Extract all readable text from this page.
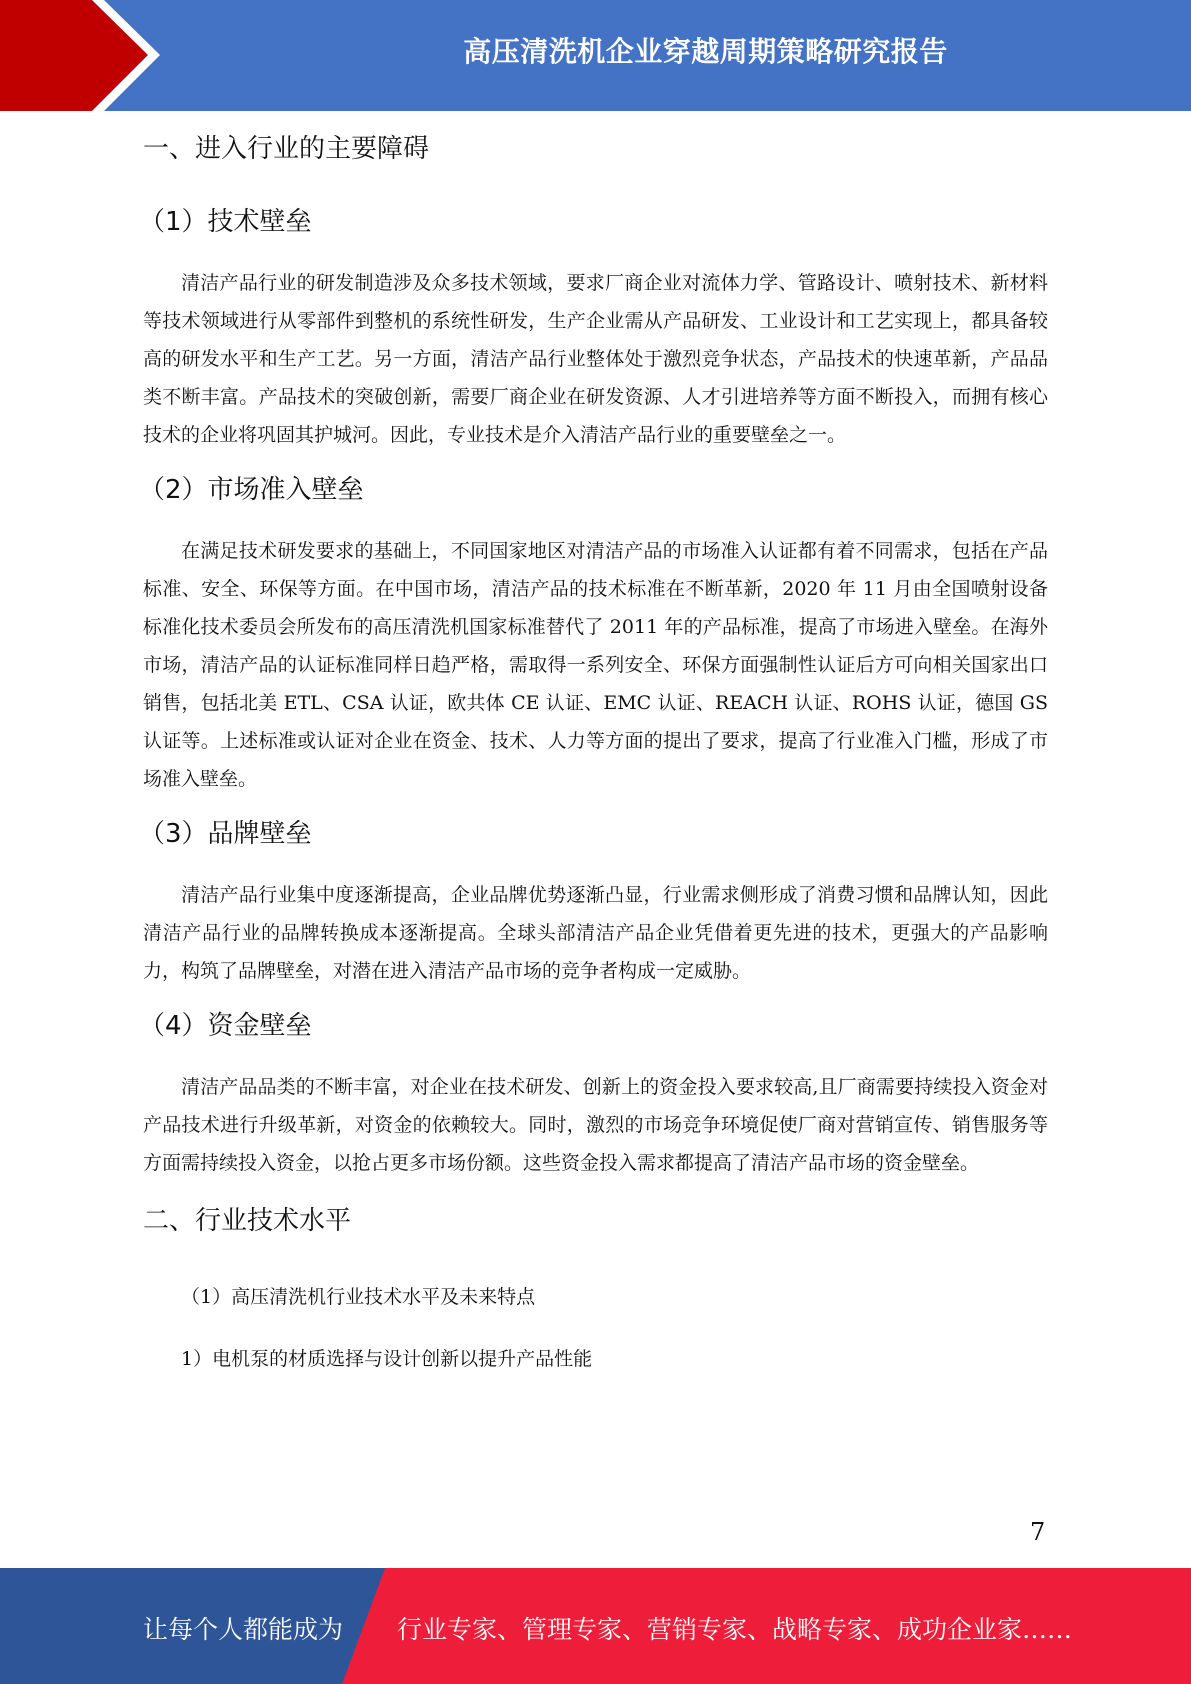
高压清洗机企业穿越周期策略研究报告
一、进入行业的主要障碍
（1）技术壁垒

清洁产品行业的研发制造涉及众多技术领域，要求厂商企业对流体力学、管路设计、喷射技术、新材料等技术领域进行从零部件到整机的系统性研发，生产企业需从产品研发、工业设计和工艺实现上，都具备较高的研发水平和生产工艺。另一方面，清洁产品行业整体处于激烈竞争状态，产品技术的快速革新，产品品类不断丰富。产品技术的突破创新，需要厂商企业在研发资源、人才引进培养等方面不断投入，而拥有核心技术的企业将巩固其护城河。因此，专业技术是介入清洁产品行业的重要壁垒之一。

（2）市场准入壁垒

在满足技术研发要求的基础上，不同国家地区对清洁产品的市场准入认证都有着不同需求，包括在产品标准、安全、环保等方面。在中国市场，清洁产品的技术标准在不断革新，2020 年 11 月由全国喷射设备标准化技术委员会所发布的高压清洗机国家标准替代了 2011 年的产品标准，提高了市场进入壁垒。在海外市场，清洁产品的认证标准同样日趋严格，需取得一系列安全、环保方面强制性认证后方可向相关国家出口销售，包括北美 ETL、CSA 认证，欧共体 CE 认证、EMC 认证、REACH 认证、ROHS 认证，德国 GS 认证等。上述标准或认证对企业在资金、技术、人力等方面的提出了要求，提高了行业准入门槛，形成了市场准入壁垒。

（3）品牌壁垒

清洁产品行业集中度逐渐提高，企业品牌优势逐渐凸显，行业需求侧形成了消费习惯和品牌认知，因此清洁产品行业的品牌转换成本逐渐提高。全球头部清洁产品企业凭借着更先进的技术，更强大的产品影响力，构筑了品牌壁垒，对潜在进入清洁产品市场的竞争者构成一定威胁。

（4）资金壁垒

清洁产品品类的不断丰富，对企业在技术研发、创新上的资金投入要求较高,且厂商需要持续投入资金对产品技术进行升级革新，对资金的依赖较大。同时，激烈的市场竞争环境促使厂商对营销宣传、销售服务等方面需持续投入资金，以抢占更多市场份额。这些资金投入需求都提高了清洁产品市场的资金壁垒。

二、行业技术水平

（1）高压清洗机行业技术水平及未来特点

1）电机泵的材质选择与设计创新以提升产品性能

7
让每个人都能成为 行业专家、管理专家、营销专家、战略专家、成功企业家……
